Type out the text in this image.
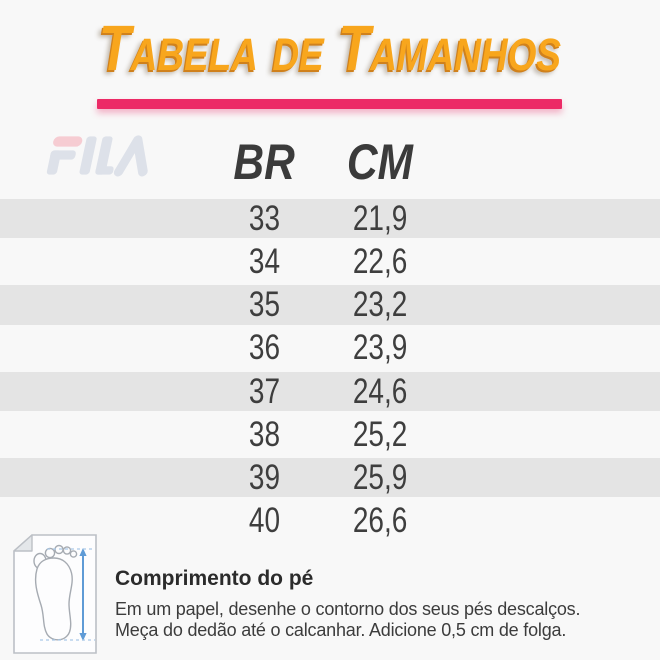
Tabela de Tamanhos
BR	CM
33	21,9
34	22,6
35	23,2
36	23,9
37	24,6
38	25,2
39	25,9
40	26,6
Comprimento do pé
Em um papel, desenhe o contorno dos seus pés descalços.
Meça do dedão até o calcanhar. Adicione 0,5 cm de folga.
